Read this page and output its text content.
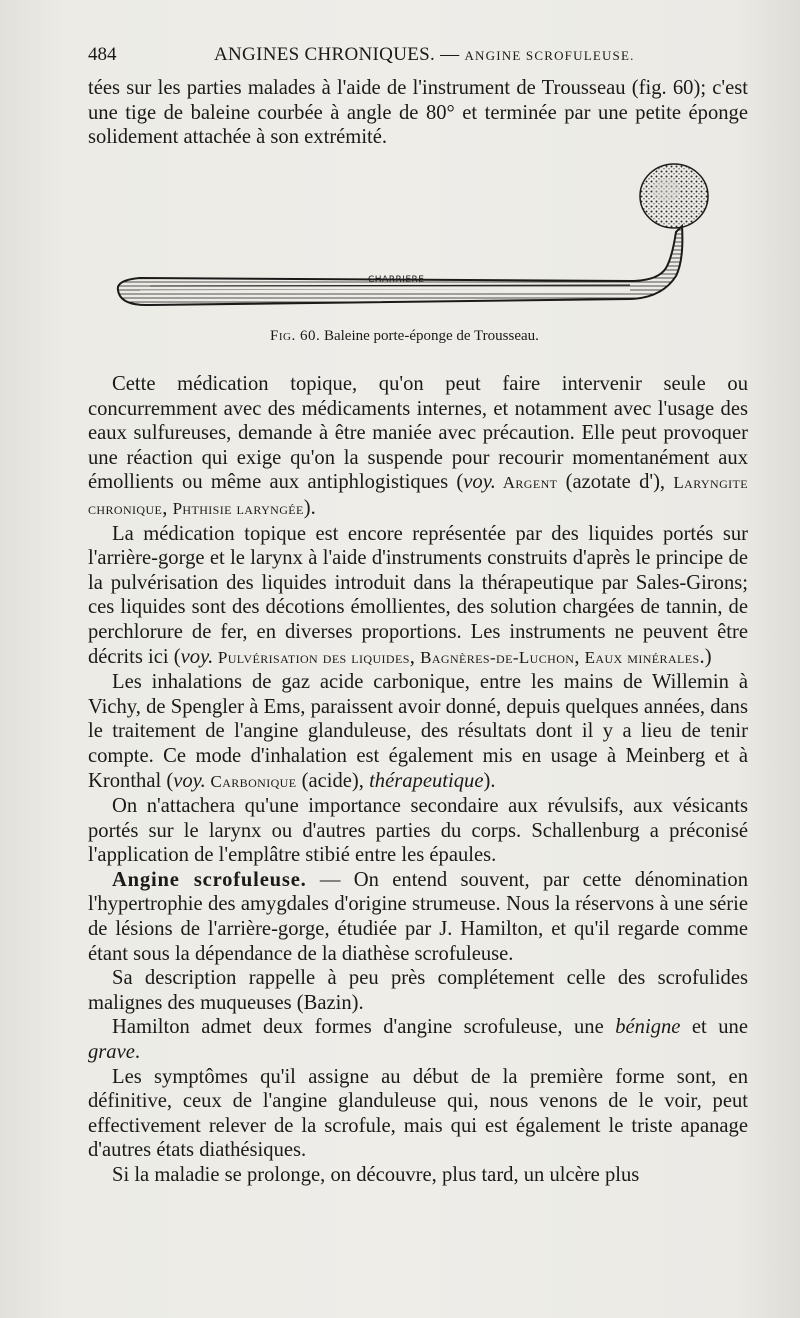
484	ANGINES CHRONIQUES. — ANGINE SCROFULEUSE.

tées sur les parties malades à l'aide de l'instrument de Trousseau (fig. 60); c'est une tige de baleine courbée à angle de 80° et terminée par une petite éponge solidement attachée à son extrémité.

CHARRIERE
Fig. 60. Baleine porte-éponge de Trousseau.

Cette médication topique, qu'on peut faire intervenir seule ou concurremment avec des médicaments internes, et notamment avec l'usage des eaux sulfureuses, demande à être maniée avec précaution. Elle peut provoquer une réaction qui exige qu'on la suspende pour recourir momentanément aux émollients ou même aux antiphlogistiques (voy. Argent (azotate d'), Laryngite chronique, Phthisie laryngée).

La médication topique est encore représentée par des liquides portés sur l'arrière-gorge et le larynx à l'aide d'instruments construits d'après le principe de la pulvérisation des liquides introduit dans la thérapeutique par Sales-Girons; ces liquides sont des décotions émollientes, des solution chargées de tannin, de perchlorure de fer, en diverses proportions. Les instruments ne peuvent être décrits ici (voy. Pulvérisation des liquides, Bagnères-de-Luchon, Eaux minérales.)

Les inhalations de gaz acide carbonique, entre les mains de Willemin à Vichy, de Spengler à Ems, paraissent avoir donné, depuis quelques années, dans le traitement de l'angine glanduleuse, des résultats dont il y a lieu de tenir compte. Ce mode d'inhalation est également mis en usage à Meinberg et à Kronthal (voy. Carbonique (acide), thérapeutique).

On n'attachera qu'une importance secondaire aux révulsifs, aux vésicants portés sur le larynx ou d'autres parties du corps. Schallenburg a préconisé l'application de l'emplâtre stibié entre les épaules.

Angine scrofuleuse. — On entend souvent, par cette dénomination l'hypertrophie des amygdales d'origine strumeuse. Nous la réservons à une série de lésions de l'arrière-gorge, étudiée par J. Hamilton, et qu'il regarde comme étant sous la dépendance de la diathèse scrofuleuse.

Sa description rappelle à peu près complétement celle des scrofulides malignes des muqueuses (Bazin).

Hamilton admet deux formes d'angine scrofuleuse, une bénigne et une grave.

Les symptômes qu'il assigne au début de la première forme sont, en définitive, ceux de l'angine glanduleuse qui, nous venons de le voir, peut effectivement relever de la scrofule, mais qui est également le triste apanage d'autres états diathésiques.

Si la maladie se prolonge, on découvre, plus tard, un ulcère plus
